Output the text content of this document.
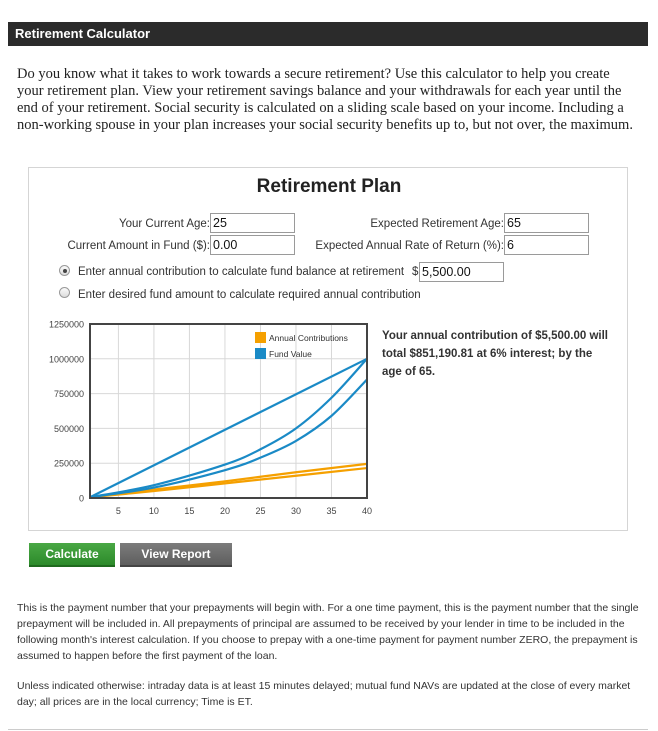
Retirement Calculator
Do you know what it takes to work towards a secure retirement? Use this calculator to help you create your retirement plan. View your retirement savings balance and your withdrawals for each year until the end of your retirement. Social security is calculated on a sliding scale based on your income. Including a non-working spouse in your plan increases your social security benefits up to, but not over, the maximum.
Retirement Plan
Your Current Age:
25	Expected Retirement Age:
65
Current Amount in Fund ($):
0.00	Expected Annual Rate of Return (%):
6
Enter annual contribution to calculate fund balance at retirement $
5,500.00
Enter desired fund amount to calculate required annual contribution
0
250000
500000
750000
1000000
1250000
5	10	15	20	25	30	35	40
Annual Contributions
Fund Value
Your annual contribution of $5,500.00 will total $851,190.81 at 6% interest; by the age of 65.
Calculate	View Report
This is the payment number that your prepayments will begin with. For a one time payment, this is the payment number that the single prepayment will be included in. All prepayments of principal are assumed to be received by your lender in time to be included in the following month's interest calculation. If you choose to prepay with a one-time payment for payment number ZERO, the prepayment is assumed to happen before the first payment of the loan.
Unless indicated otherwise: intraday data is at least 15 minutes delayed; mutual fund NAVs are updated at the close of every market day; all prices are in the local currency; Time is ET.
